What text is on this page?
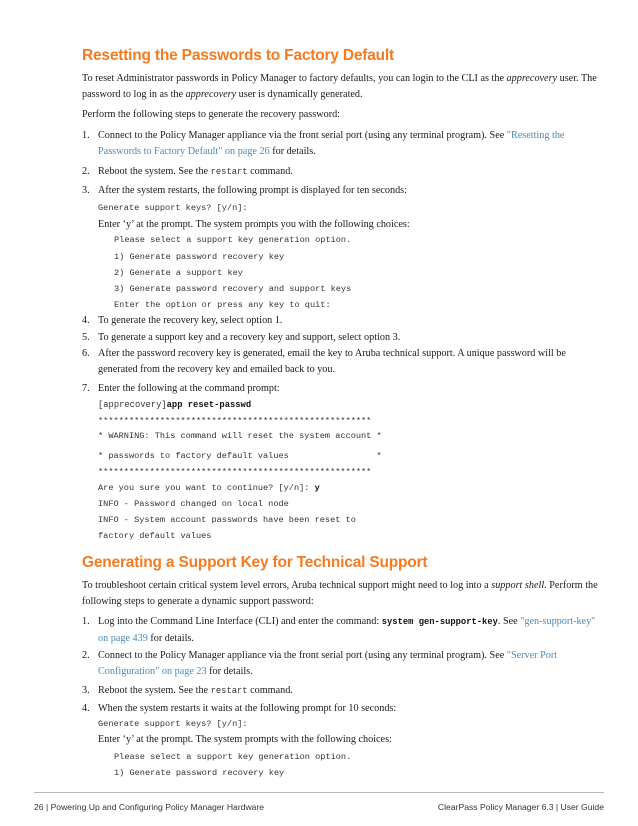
Resetting the Passwords to Factory Default

To reset Administrator passwords in Policy Manager to factory defaults, you can login to the CLI as the apprecovery user. The password to log in as the apprecovery user is dynamically generated.

Perform the following steps to generate the recovery password:

1. Connect to the Policy Manager appliance via the front serial port (using any terminal program). See "Resetting the Passwords to Factory Default" on page 26 for details.
2. Reboot the system. See the restart command.
3. After the system restarts, the following prompt is displayed for ten seconds:
Generate support keys? [y/n]:
Enter ‘y’ at the prompt. The system prompts you with the following choices:
Please select a support key generation option.
1) Generate password recovery key
2) Generate a support key
3) Generate password recovery and support keys
Enter the option or press any key to quit:
4. To generate the recovery key, select option 1.
5. To generate a support key and a recovery key and support, select option 3.
6. After the password recovery key is generated, email the key to Aruba technical support. A unique password will be generated from the recovery key and emailed back to you.
7. Enter the following at the command prompt:
[apprecovery]app reset-passwd
*****************************************************
* WARNING: This command will reset the system account *
* passwords to factory default values                 *
*****************************************************
Are you sure you want to continue? [y/n]: y
INFO - Password changed on local node
INFO - System account passwords have been reset to
factory default values
Generating a Support Key for Technical Support

To troubleshoot certain critical system level errors, Aruba technical support might need to log into a support shell. Perform the following steps to generate a dynamic support password:

1. Log into the Command Line Interface (CLI) and enter the command: system gen-support-key. See "gen-support-key" on page 439 for details.
2. Connect to the Policy Manager appliance via the front serial port (using any terminal program). See "Server Port Configuration" on page 23 for details.
3. Reboot the system. See the restart command.
4. When the system restarts it waits at the following prompt for 10 seconds:
Generate support keys? [y/n]:
Enter ‘y’ at the prompt. The system prompts with the following choices:
Please select a support key generation option.
1) Generate password recovery key
26 | Powering Up and Configuring Policy Manager Hardware	ClearPass Policy Manager 6.3 | User Guide
